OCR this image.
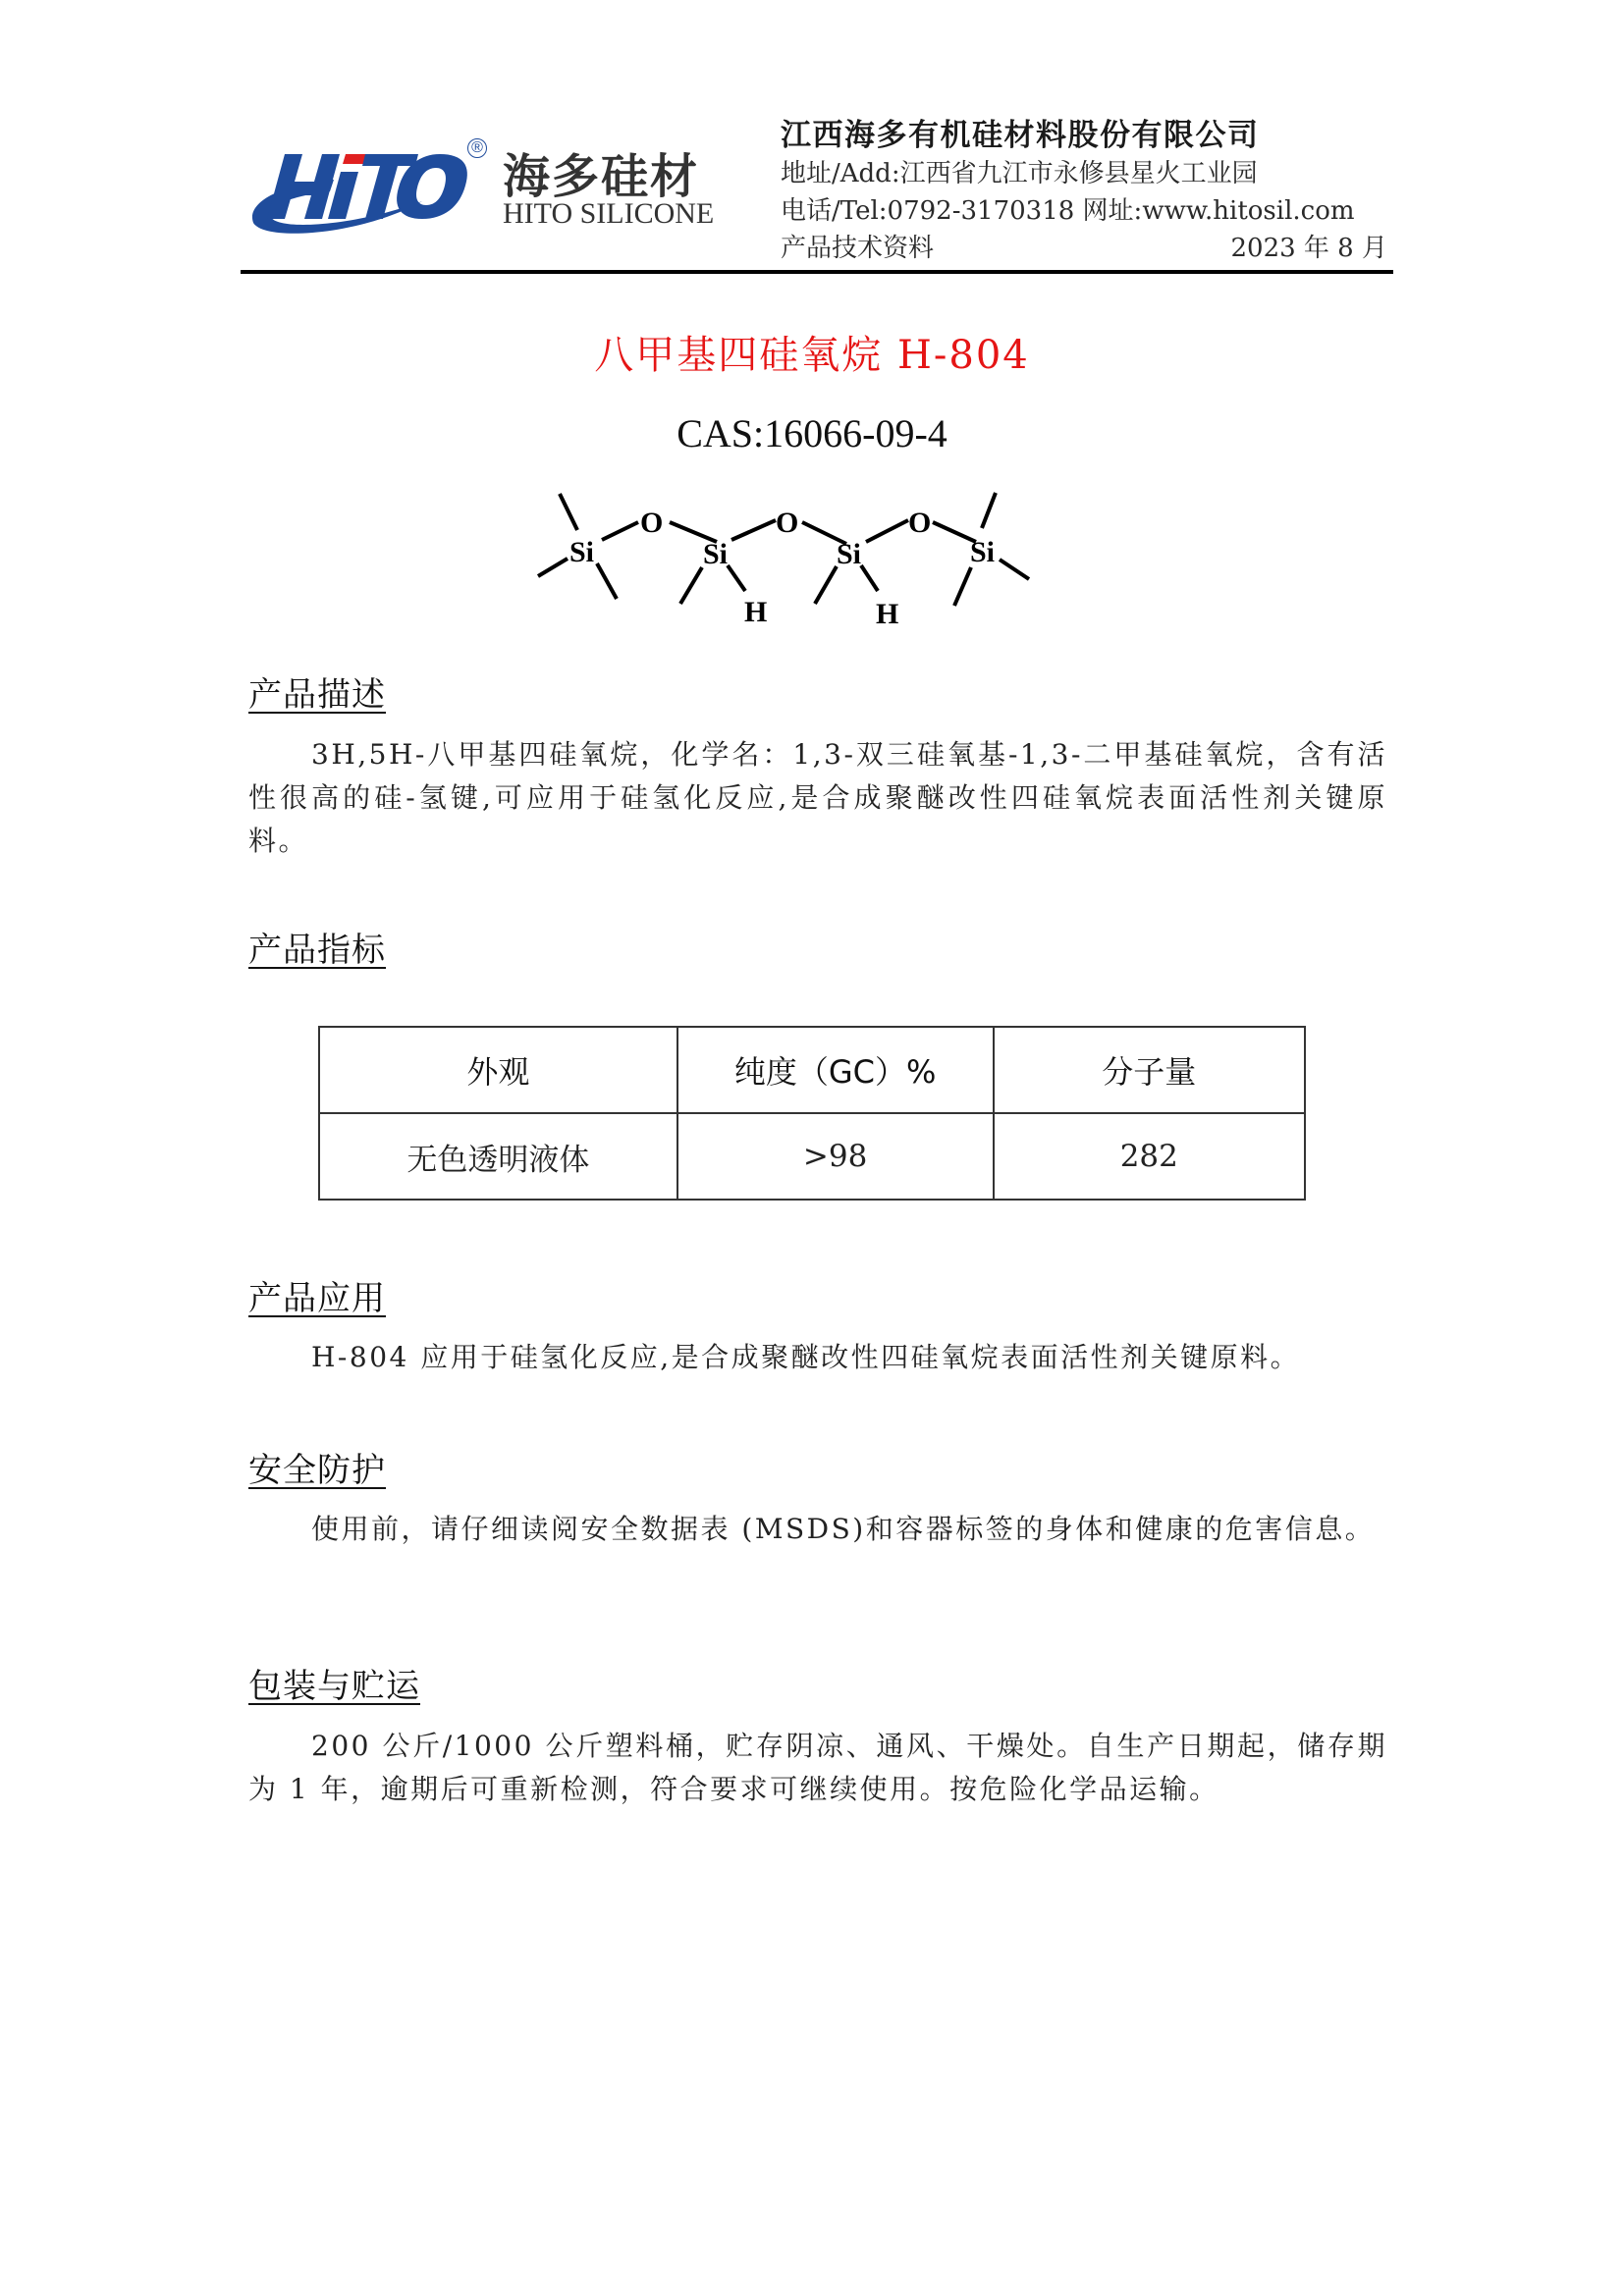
®
海多硅材
HITO SILICONE
江西海多有机硅材料股份有限公司
地址/Add:江西省九江市永修县星火工业园
电话/Tel:0792-3170318 网址:www.hitosil.com
产品技术资料	2023 年 8 月
八甲基四硅氧烷 H-804
CAS:16066-09-4
Si
O
Si
O
Si
O
Si
H	H
产品描述
3H,5H-八甲基四硅氧烷，化学名：1,3-双三硅氧基-1,3-二甲基硅氧烷，含有活性很高的硅-氢键,可应用于硅氢化反应,是合成聚醚改性四硅氧烷表面活性剂关键原料。
产品指标
外观	纯度（GC）%	分子量
无色透明液体	>98	282
产品应用
H-804 应用于硅氢化反应,是合成聚醚改性四硅氧烷表面活性剂关键原料。
安全防护
使用前，请仔细读阅安全数据表 (MSDS)和容器标签的身体和健康的危害信息。
包装与贮运
200 公斤/1000 公斤塑料桶，贮存阴凉、通风、干燥处。自生产日期起，储存期为 1 年，逾期后可重新检测，符合要求可继续使用。按危险化学品运输。
